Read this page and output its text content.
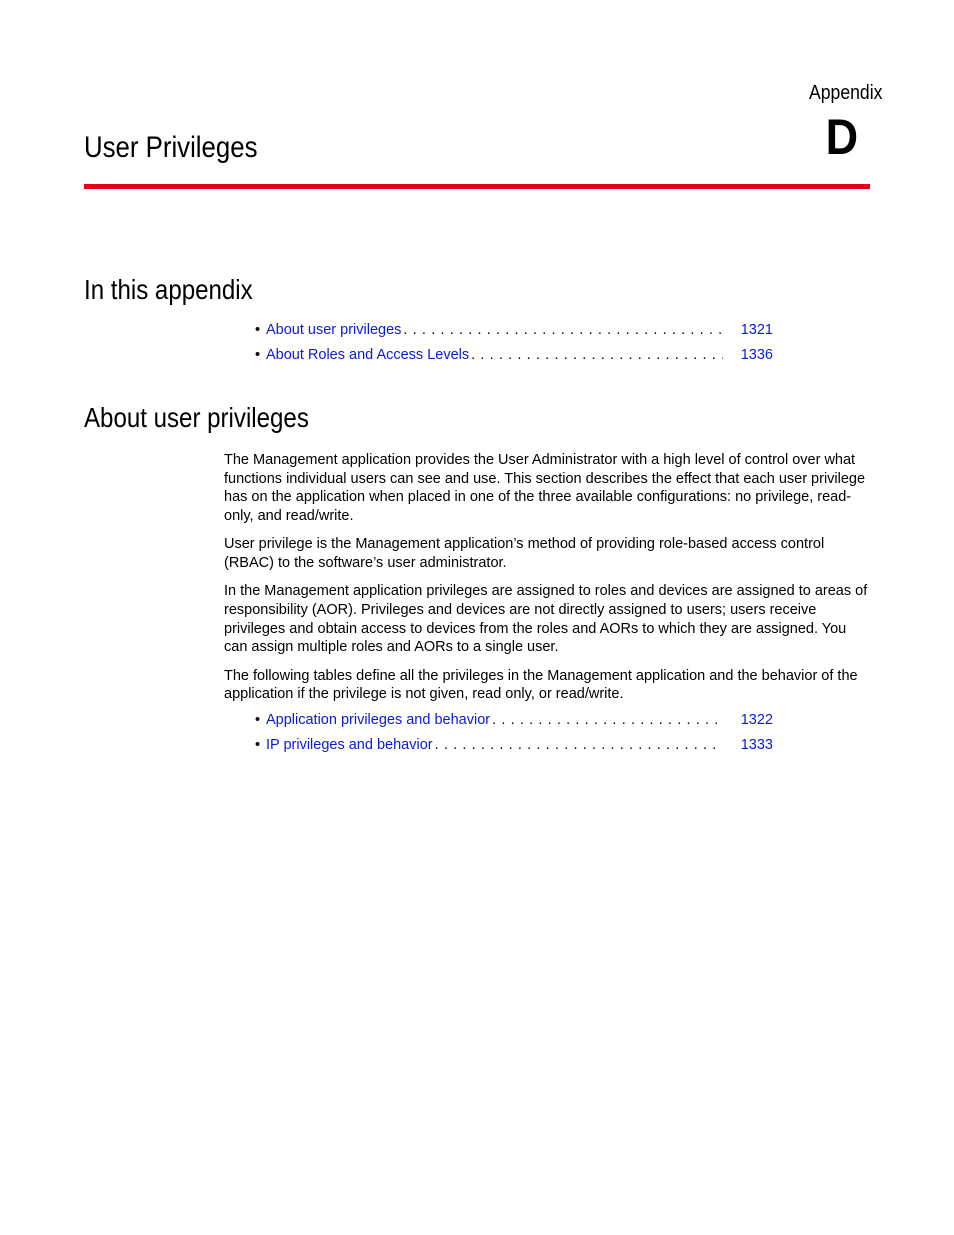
Appendix
D
User Privileges
In this appendix
• About user privileges . . .	1321
• About Roles and Access Levels . . .	1336
About user privileges

The Management application provides the User Administrator with a high level of control over what functions individual users can see and use. This section describes the effect that each user privilege has on the application when placed in one of the three available configurations: no privilege, read-only, and read/write.

User privilege is the Management application’s method of providing role-based access control (RBAC) to the software’s user administrator.

In the Management application privileges are assigned to roles and devices are assigned to areas of responsibility (AOR). Privileges and devices are not directly assigned to users; users receive privileges and obtain access to devices from the roles and AORs to which they are assigned. You can assign multiple roles and AORs to a single user.

The following tables define all the privileges in the Management application and the behavior of the application if the privilege is not given, read only, or read/write.

• Application privileges and behavior . . .	1322
• IP privileges and behavior . . .	1333
